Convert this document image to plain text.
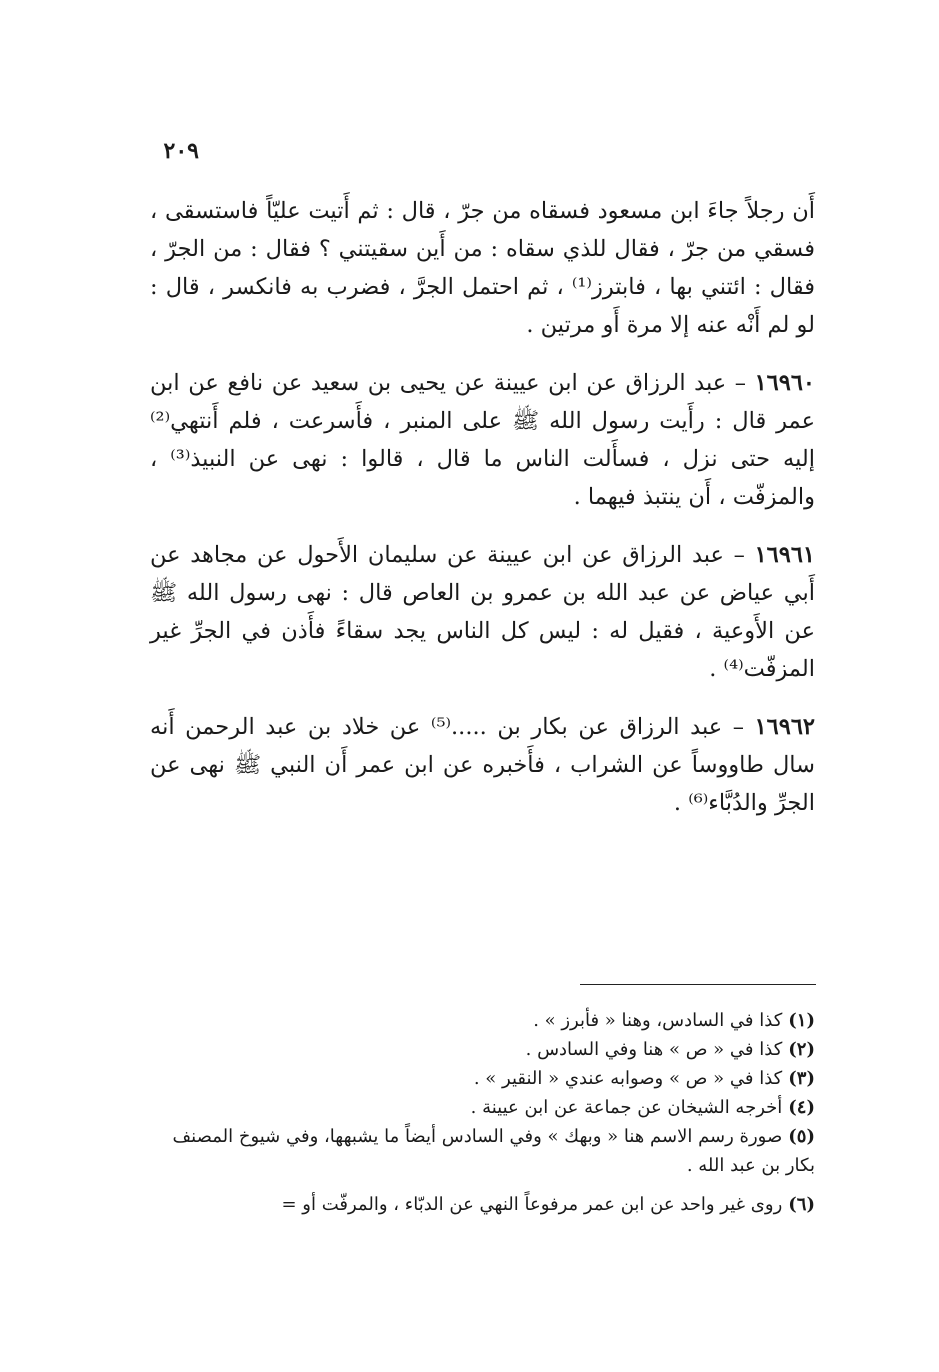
٢٠٩

أَن رجلاً جاءَ ابن مسعود فسقاه من جرّ ، قال : ثم أَتيت عليّاً فاستسقى ، فسقي من جرّ ، فقال للذي سقاه : من أَين سقيتني ؟ فقال : من الجرّ ، فقال : ائتني بها ، فابترز⁽¹⁾ ، ثم احتمل الجرَّ ، فضرب به فانكسر ، قال : لو لم أَنْه عنه إلا مرة أَو مرتين .

١٦٩٦٠ – عبد الرزاق عن ابن عيينة عن يحيى بن سعيد عن نافع عن ابن عمر قال : رأَيت رسول الله ﷺ على المنبر ، فأَسرعت ، فلم أَنتهي⁽²⁾ إليه حتى نزل ، فسأَلت الناس ما قال ، قالوا : نهى عن النبيذ⁽³⁾ ، والمزفّت ، أَن ينتبذ فيهما .

١٦٩٦١ – عبد الرزاق عن ابن عيينة عن سليمان الأَحول عن مجاهد عن أَبي عياض عن عبد الله بن عمرو بن العاص قال : نهى رسول الله ﷺ عن الأَوعية ، فقيل له : ليس كل الناس يجد سقاءً فأَذن في الجرِّ غير المزفّت⁽⁴⁾ .

١٦٩٦٢ – عبد الرزاق عن بكار بن .....⁽⁵⁾ عن خلاد بن عبد الرحمن أَنه سال طاووساً عن الشراب ، فأَخبره عن ابن عمر أَن النبي ﷺ نهى عن الجرِّ والدُبَّاء⁽⁶⁾ .

(١)كذا في السادس، وهنا « فأبرز » .

(٢)كذا في « ص » هنا وفي السادس .

(٣)كذا في « ص » وصوابه عندي « النقير » .

(٤)أخرجه الشيخان عن جماعة عن ابن عيينة .

(٥)صورة رسم الاسم هنا « وبهك » وفي السادس أيضاً ما يشبهها، وفي شيوخ المصنف بكار بن عبد الله .

(٦)روى غير واحد عن ابن عمر مرفوعاً النهي عن الدبّاء ، والمرفّت أو =
